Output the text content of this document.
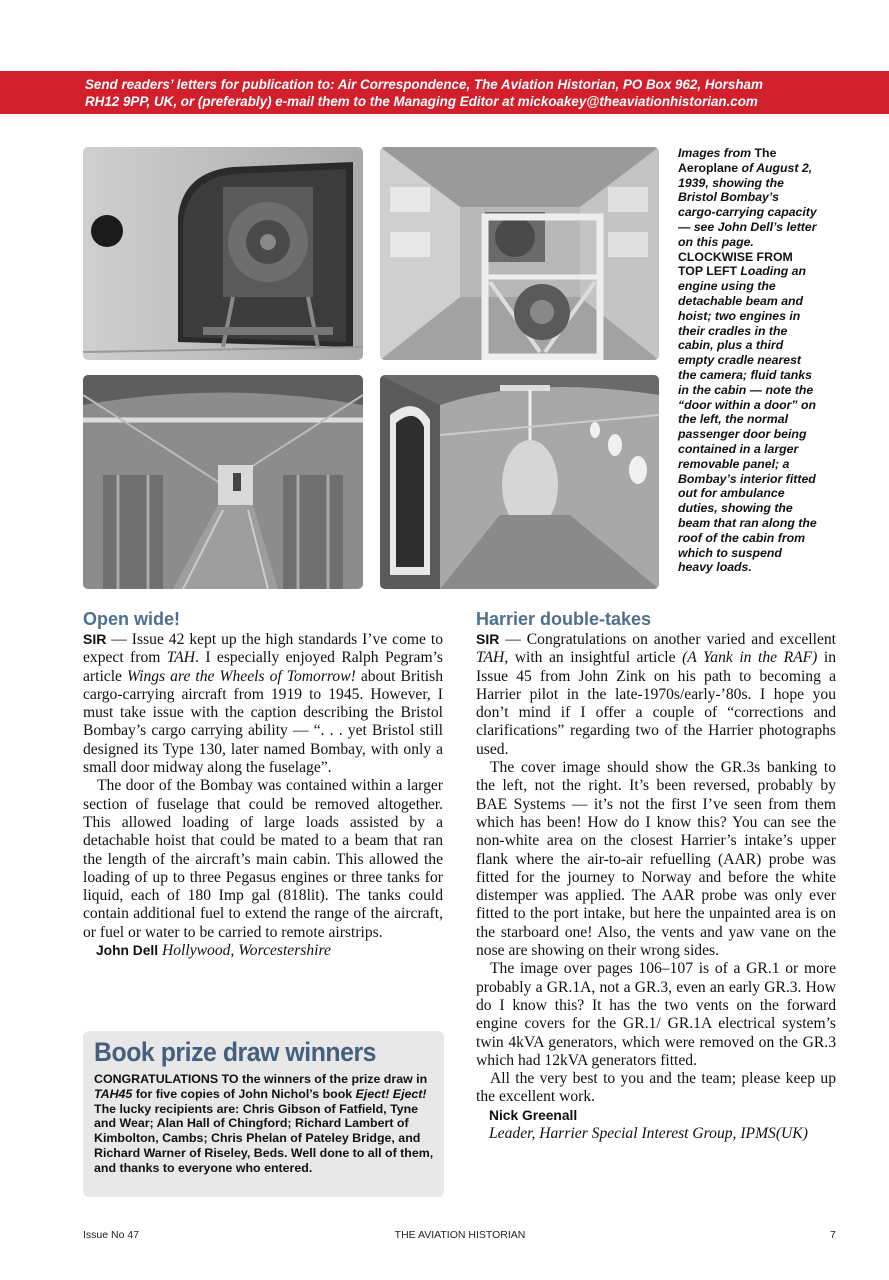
Send readers’ letters for publication to: Air Correspondence, The Aviation Historian, PO Box 962, Horsham
RH12 9PP, UK, or (preferably) e-mail them to the Managing Editor at mickoakey@theaviationhistorian.com
Images from The
Aeroplane of August 2,
1939, showing the
Bristol Bombay’s
cargo-carrying capacity
— see John Dell’s letter
on this page.
CLOCKWISE FROM
TOP LEFT Loading an
engine using the
detachable beam and
hoist; two engines in
their cradles in the
cabin, plus a third
empty cradle nearest
the camera; fluid tanks
in the cabin — note the
“door within a door” on
the left, the normal
passenger door being
contained in a larger
removable panel; a
Bombay’s interior fitted
out for ambulance
duties, showing the
beam that ran along the
roof of the cabin from
which to suspend
heavy loads.
Open wide!

SIR — Issue 42 kept up the high standards I’ve come to expect from TAH. I especially enjoyed Ralph Pegram’s article Wings are the Wheels of Tomorrow! about British cargo-carrying aircraft from 1919 to 1945. However, I must take issue with the caption describing the Bristol Bombay’s cargo carrying ability — “. . . yet Bristol still designed its Type 130, later named Bombay, with only a small door midway along the fuselage”.

The door of the Bombay was contained within a larger section of fuselage that could be removed altogether. This allowed loading of large loads assisted by a detachable hoist that could be mated to a beam that ran the length of the aircraft’s main cabin. This allowed the loading of up to three Pegasus engines or three tanks for liquid, each of 180 Imp gal (818lit). The tanks could contain additional fuel to extend the range of the aircraft, or fuel or water to be carried to remote airstrips.

John Dell Hollywood, Worcestershire
Book prize draw winners

CONGRATULATIONS TO the winners of the prize draw in TAH45 for five copies of John Nichol’s book Eject! Eject! The lucky recipients are: Chris Gibson of Fatfield, Tyne and Wear; Alan Hall of Chingford; Richard Lambert of Kimbolton, Cambs; Chris Phelan of Pateley Bridge, and Richard Warner of Riseley, Beds. Well done to all of them, and thanks to everyone who entered.

Harrier double-takes

SIR — Congratulations on another varied and excellent TAH, with an insightful article (A Yank in the RAF) in Issue 45 from John Zink on his path to becoming a Harrier pilot in the late-1970s/early-’80s. I hope you don’t mind if I offer a couple of “corrections and clarifications” regarding two of the Harrier photographs used.

The cover image should show the GR.3s banking to the left, not the right. It’s been reversed, probably by BAE Systems — it’s not the first I’ve seen from them which has been! How do I know this? You can see the non-white area on the closest Harrier’s intake’s upper flank where the air-to-air refuelling (AAR) probe was fitted for the journey to Norway and before the white distemper was applied. The AAR probe was only ever fitted to the port intake, but here the unpainted area is on the starboard one! Also, the vents and yaw vane on the nose are showing on their wrong sides.

The image over pages 106–107 is of a GR.1 or more probably a GR.1A, not a GR.3, even an early GR.3. How do I know this? It has the two vents on the forward engine covers for the GR.1/ GR.1A electrical system’s twin 4kVA generators, which were removed on the GR.3 which had 12kVA generators fitted.

All the very best to you and the team; please keep up the excellent work.

Nick Greenall
Leader, Harrier Special Interest Group, IPMS(UK)
Issue No 47	THE AVIATION HISTORIAN	7
